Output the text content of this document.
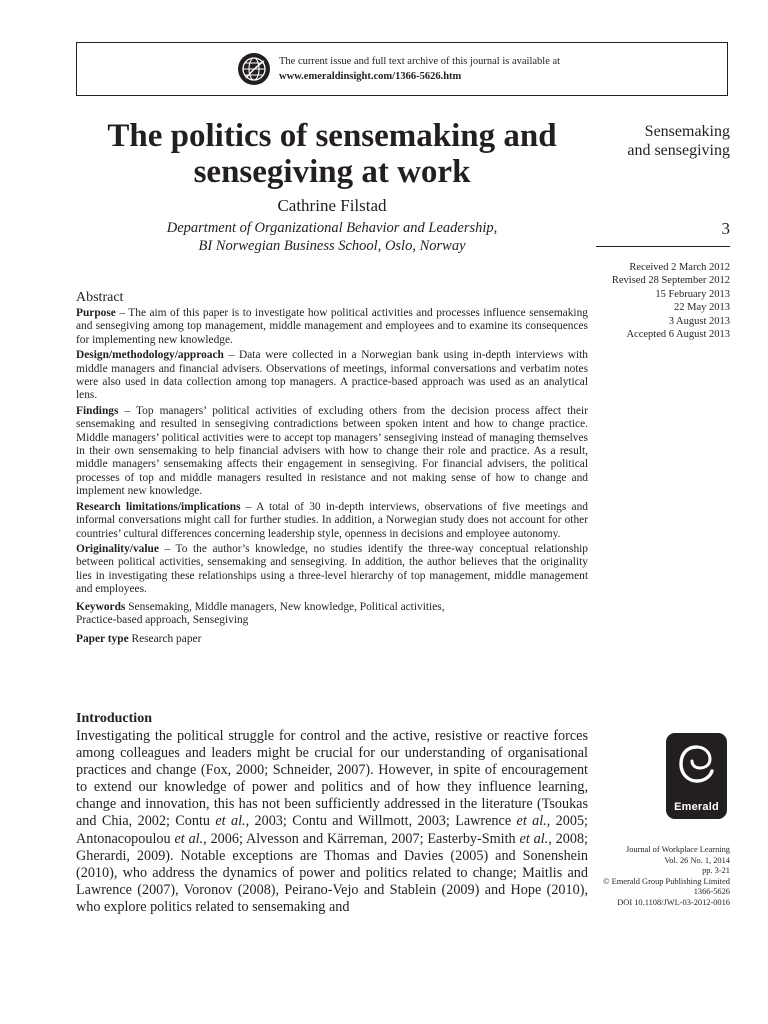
The current issue and full text archive of this journal is available at
www.emeraldinsight.com/1366-5626.htm
The politics of sensemaking and
sensegiving at work
Cathrine Filstad
Department of Organizational Behavior and Leadership,
BI Norwegian Business School, Oslo, Norway
Sensemaking
and sensegiving
3
Received 2 March 2012
Revised 28 September 2012
15 February 2013
22 May 2013
3 August 2013
Accepted 6 August 2013
Abstract

Purpose – The aim of this paper is to investigate how political activities and processes influence sensemaking and sensegiving among top management, middle management and employees and to examine its consequences for implementing new knowledge.

Design/methodology/approach – Data were collected in a Norwegian bank using in-depth interviews with middle managers and financial advisers. Observations of meetings, informal conversations and verbatim notes were also used in data collection among top managers. A practice-based approach was used as an analytical lens.

Findings – Top managers’ political activities of excluding others from the decision process affect their sensemaking and resulted in sensegiving contradictions between spoken intent and how to change practice. Middle managers’ political activities were to accept top managers’ sensegiving instead of managing themselves in their own sensemaking to help financial advisers with how to change their role and practice. As a result, middle managers’ sensemaking affects their engagement in sensegiving. For financial advisers, the political processes of top and middle managers resulted in resistance and not making sense of how to change and implement new knowledge.

Research limitations/implications – A total of 30 in-depth interviews, observations of five meetings and informal conversations might call for further studies. In addition, a Norwegian study does not account for other countries’ cultural differences concerning leadership style, openness in decisions and employee autonomy.

Originality/value – To the author’s knowledge, no studies identify the three-way conceptual relationship between political activities, sensemaking and sensegiving. In addition, the author believes that the originality lies in investigating these relationships using a three-level hierarchy of top management, middle management and employees.

Keywords Sensemaking, Middle managers, New knowledge, Political activities,
Practice-based approach, Sensegiving
Paper type Research paper
Introduction

Investigating the political struggle for control and the active, resistive or reactive forces among colleagues and leaders might be crucial for our understanding of organisational practices and change (Fox, 2000; Schneider, 2007). However, in spite of encouragement to extend our knowledge of power and politics and of how they influence learning, change and innovation, this has not been sufficiently addressed in the literature (Tsoukas and Chia, 2002; Contu et al., 2003; Contu and Willmott, 2003; Lawrence et al., 2005; Antonacopoulou et al., 2006; Alvesson and Kärreman, 2007; Easterby-Smith et al., 2008; Gherardi, 2009). Notable exceptions are Thomas and Davies (2005) and Sonenshein (2010), who address the dynamics of power and politics related to change; Maitlis and Lawrence (2007), Voronov (2008), Peirano-Vejo and Stablein (2009) and Hope (2010), who explore politics related to sensemaking and

Emerald
Journal of Workplace Learning
Vol. 26 No. 1, 2014
pp. 3-21
© Emerald Group Publishing Limited
1366-5626
DOI 10.1108/JWL-03-2012-0016
